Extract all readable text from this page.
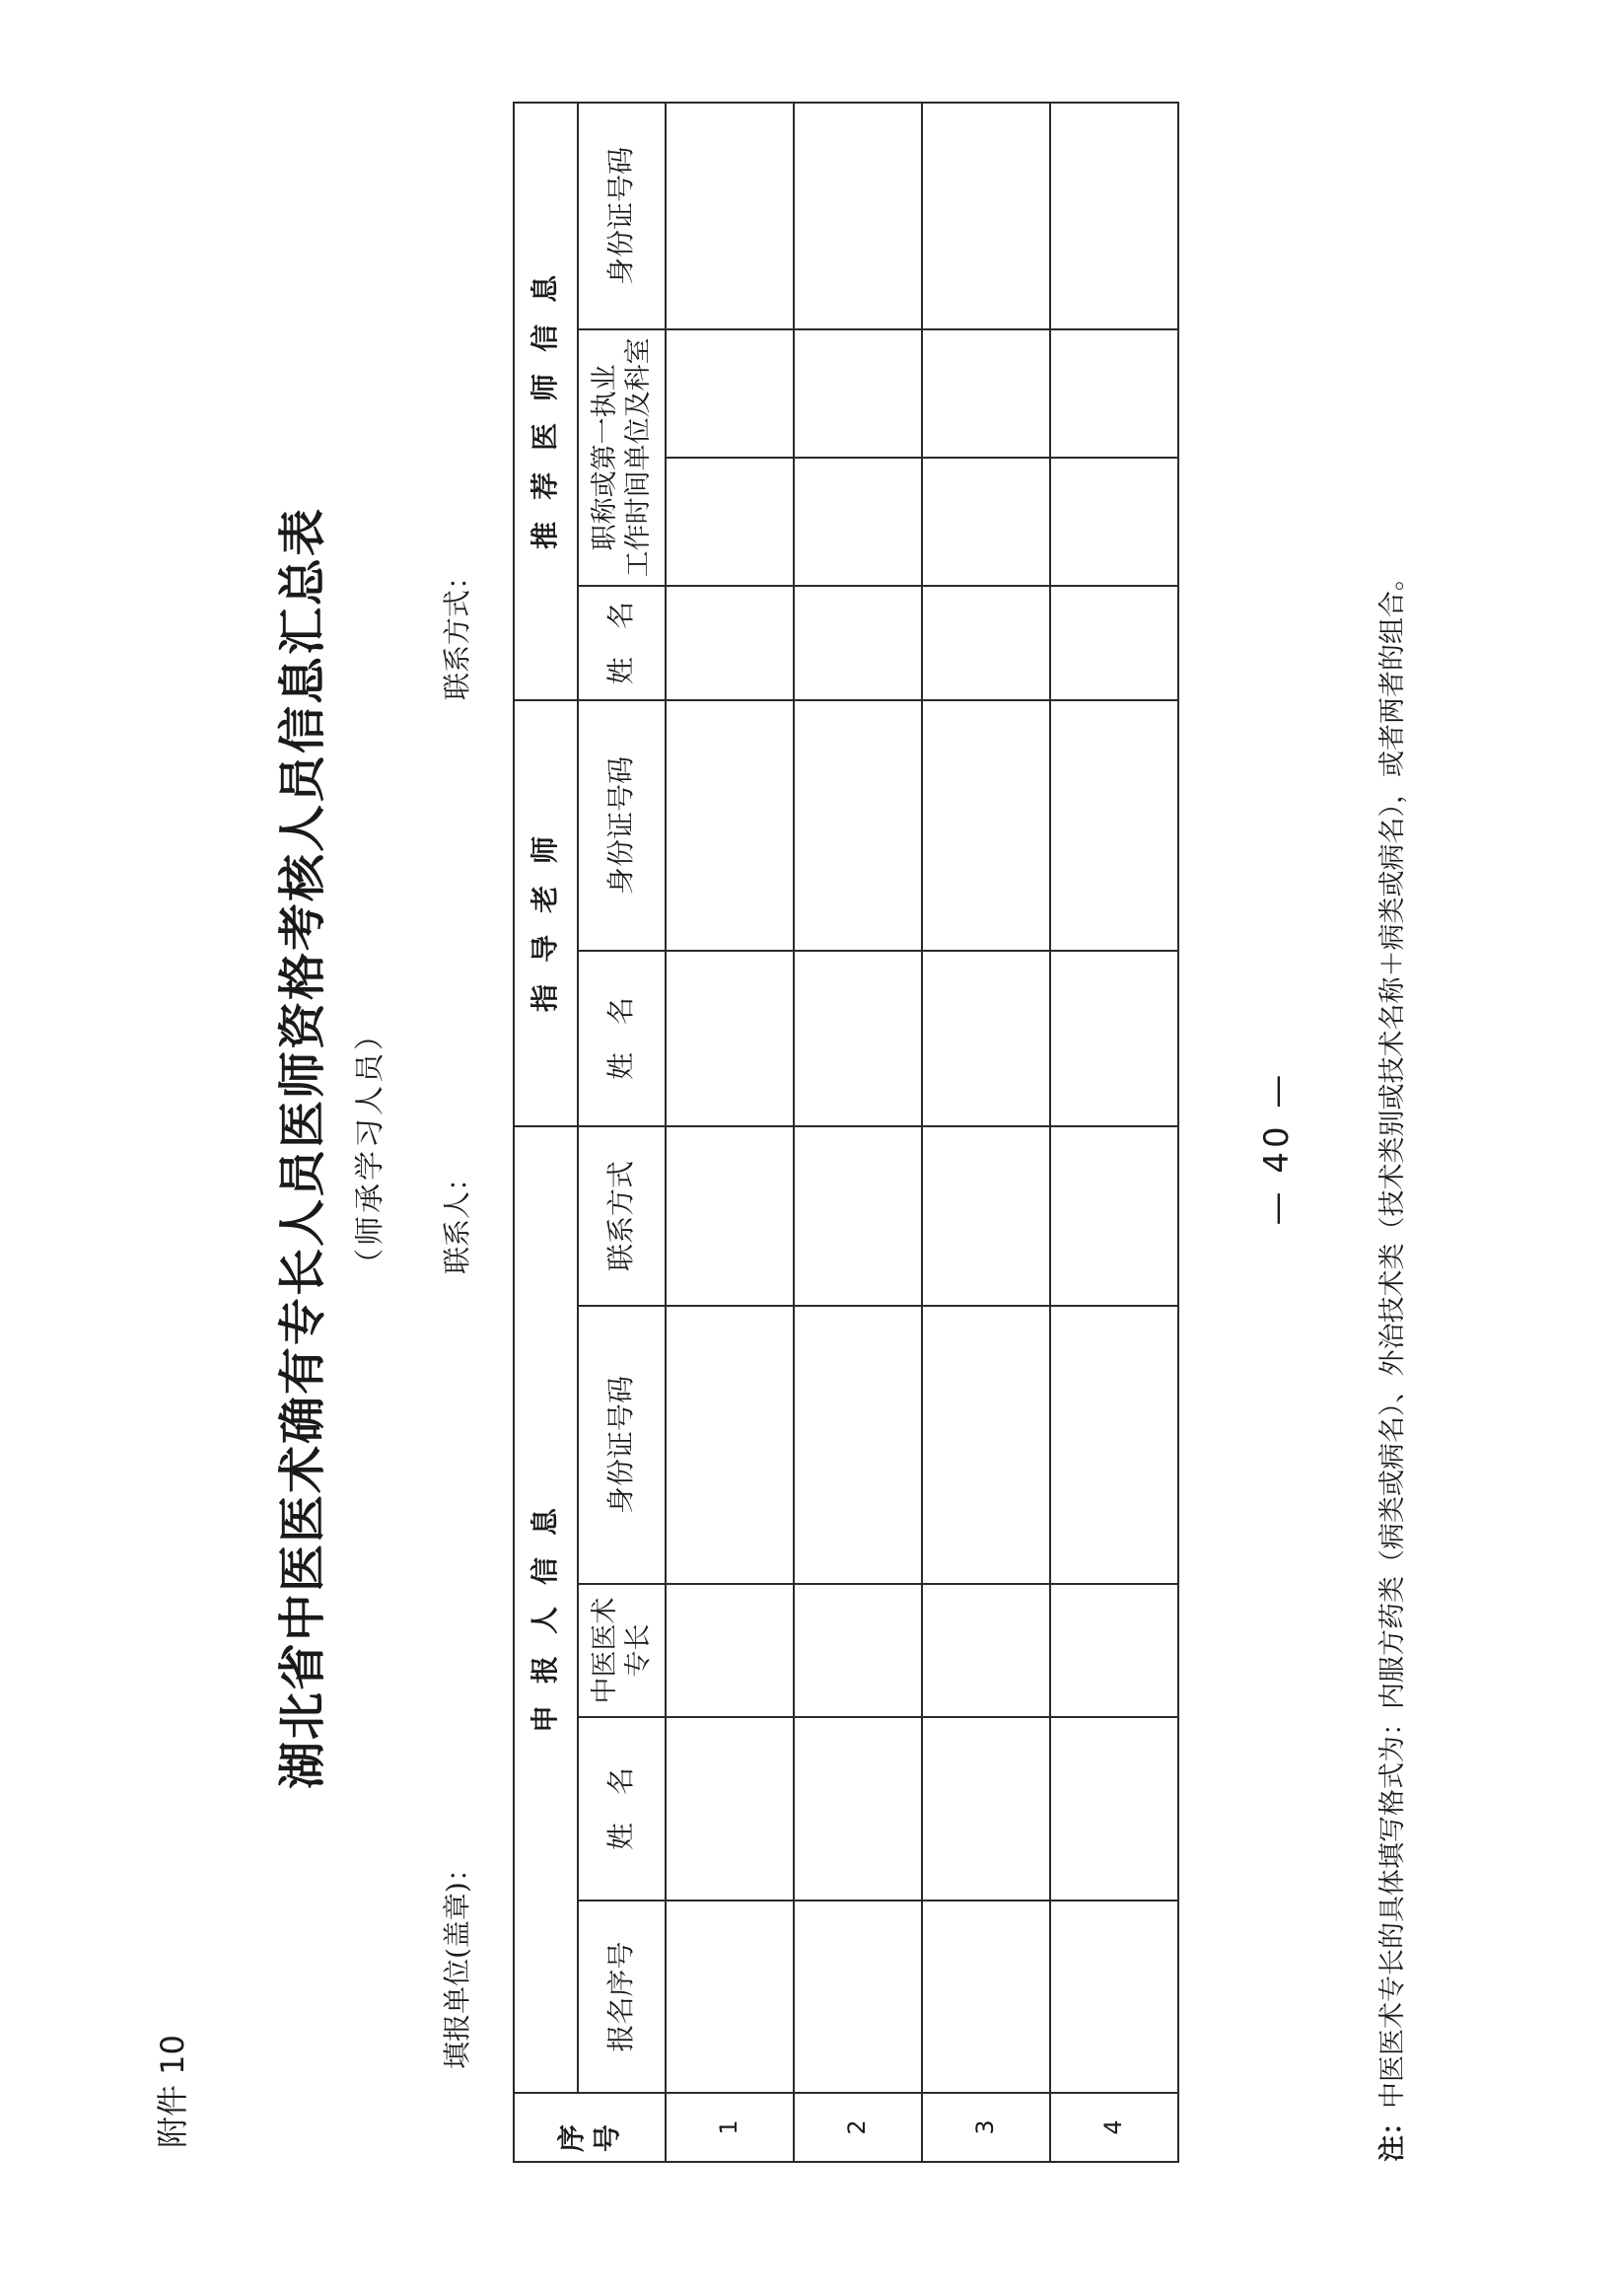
附件 10
湖北省中医医术确有专长人员医师资格考核人员信息汇总表 （师承学习人员）
填报单位(盖章)：
联系人：
联系方式：
序号	申报人信息					指导老师		推荐医师信息			
	报名序号	姓　名	中医医术专长	身份证号码	联系方式	姓　名	身份证号码	姓　名	职称或第一执业 工作时间单位及科室		身份证号码
1											
2											
3											
4											
— 40 —
注：中医医术专长的具体填写格式为：内服方药类（病类或病名）、外治技术类（技术类别或技术名称＋病类或病名），或者两者的组合。
